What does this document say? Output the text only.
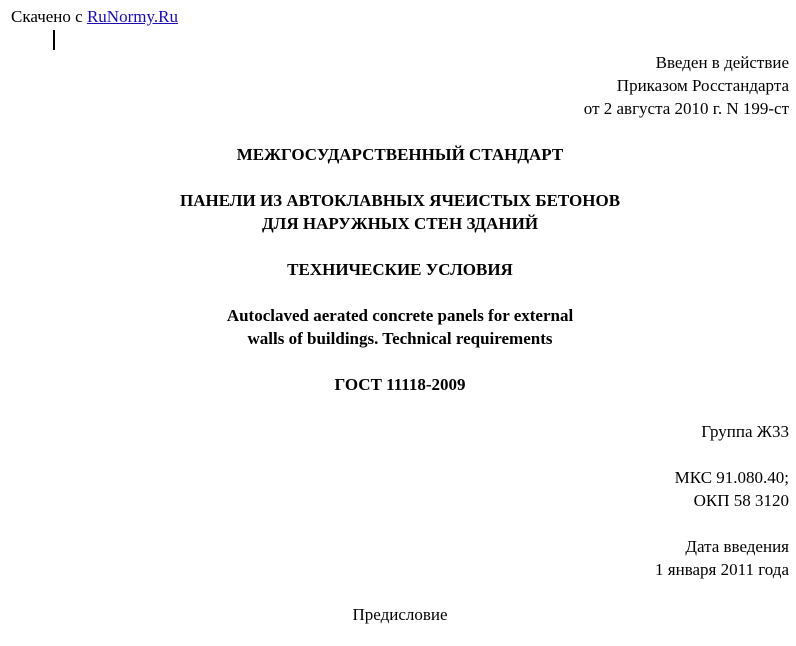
Скачено с RuNormy.Ru
Введен в действие
Приказом Росстандарта
от 2 августа 2010 г. N 199-ст
МЕЖГОСУДАРСТВЕННЫЙ СТАНДАРТ
ПАНЕЛИ ИЗ АВТОКЛАВНЫХ ЯЧЕИСТЫХ БЕТОНОВ
ДЛЯ НАРУЖНЫХ СТЕН ЗДАНИЙ
ТЕХНИЧЕСКИЕ УСЛОВИЯ
Autoclaved aerated concrete panels for external
walls of buildings. Technical requirements
ГОСТ 11118-2009
Группа Ж33
МКС 91.080.40;
ОКП 58 3120
Дата введения
1 января 2011 года
Предисловие
